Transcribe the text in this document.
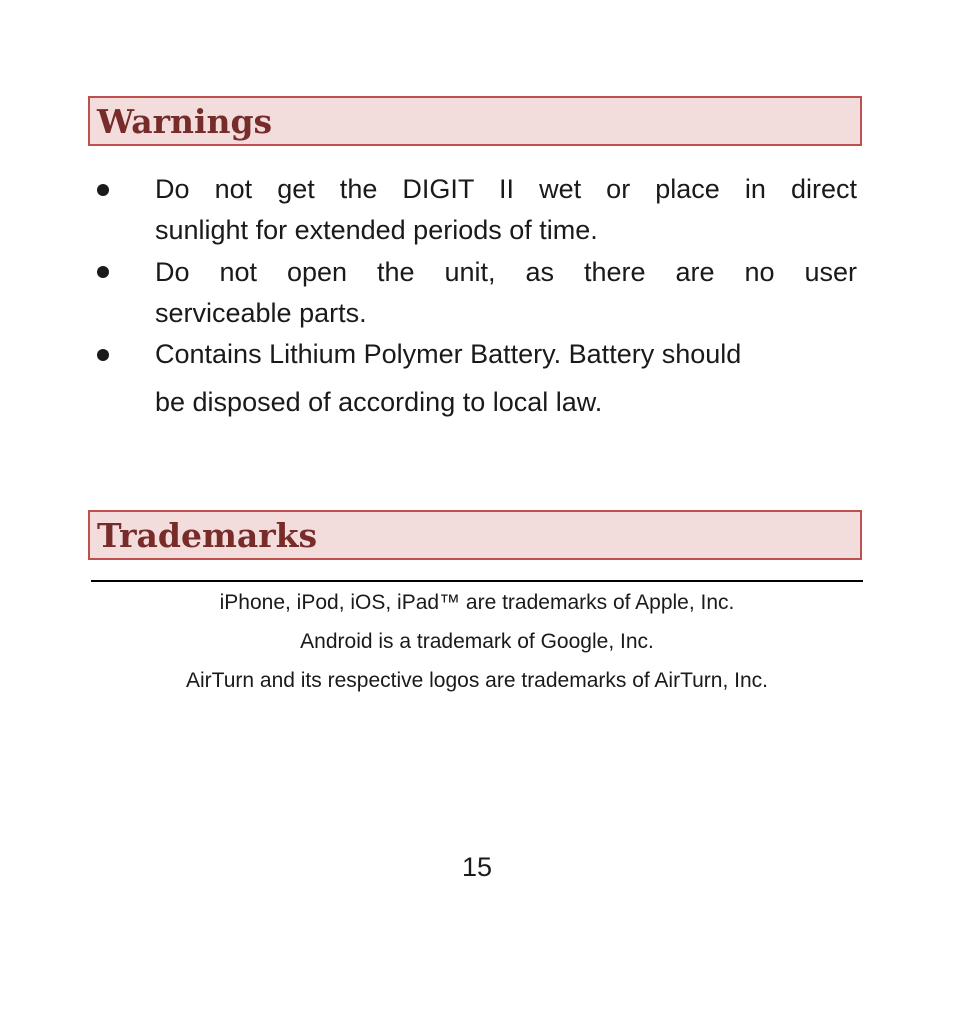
Warnings

Do not get the DIGIT II wet or place in direct
sunlight for extended periods of time.

Do not open the unit, as there are no user
serviceable parts.

Contains Lithium Polymer Battery. Battery should
be disposed of according to local law.

Trademarks

iPhone, iPod, iOS, iPad™ are trademarks of Apple, Inc.

Android is a trademark of Google, Inc.

AirTurn and its respective logos are trademarks of AirTurn, Inc.

15
